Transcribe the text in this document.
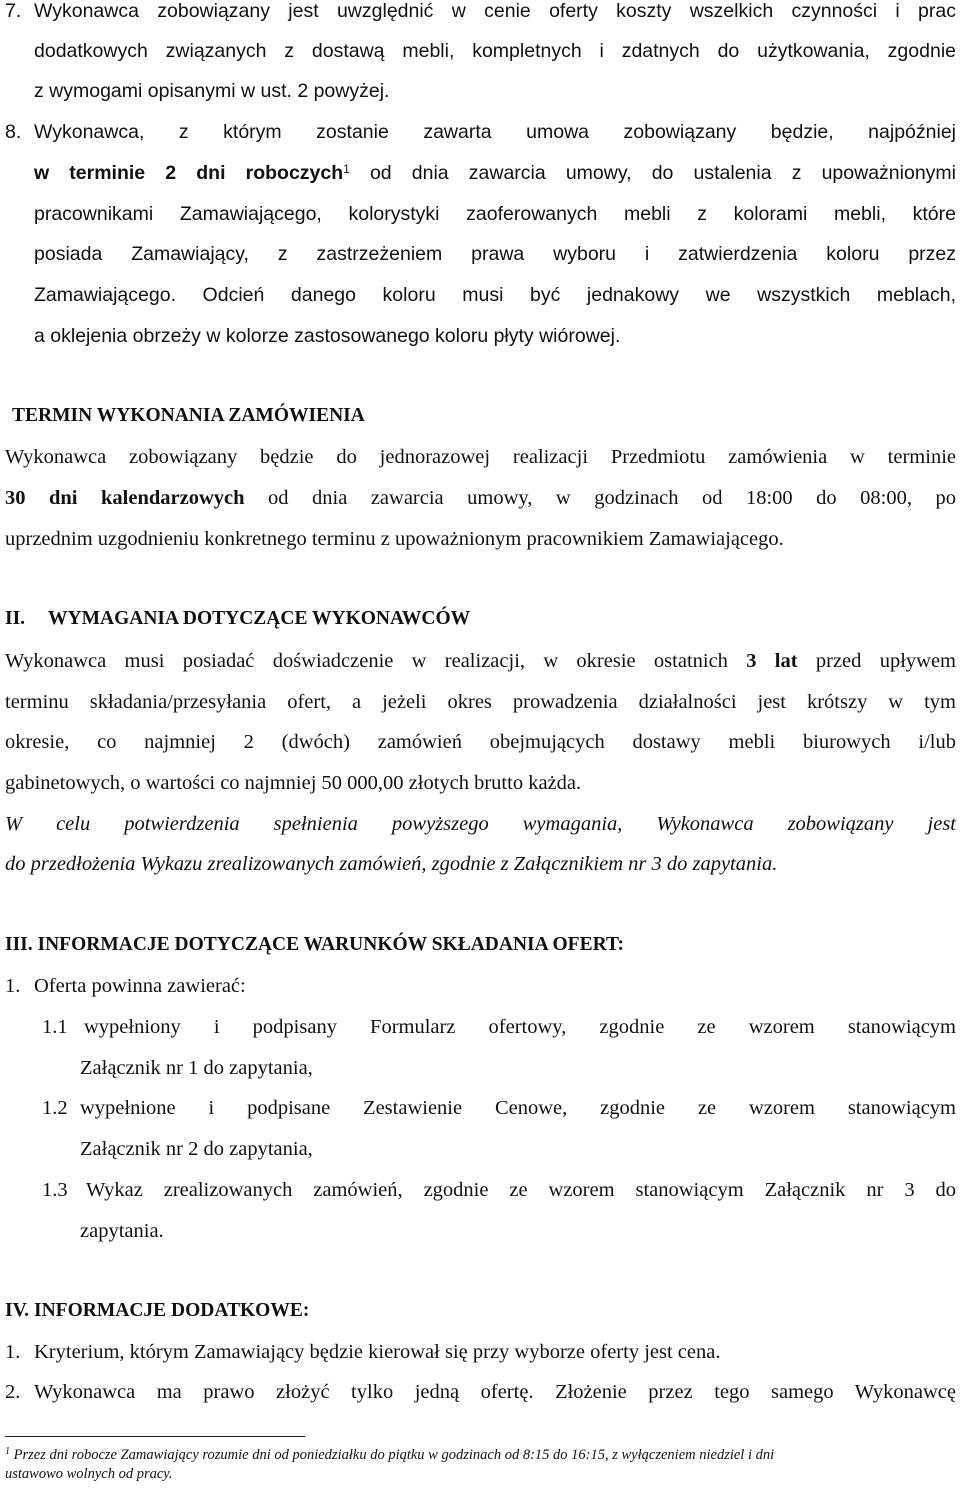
7. Wykonawca zobowiązany jest uwzględnić w cenie oferty koszty wszelkich czynności i prac
dodatkowych związanych z dostawą mebli, kompletnych i zdatnych do użytkowania, zgodnie
z wymogami opisanymi w ust. 2 powyżej.
8. Wykonawca, z którym zostanie zawarta umowa zobowiązany będzie, najpóźniej
w terminie 2 dni roboczych$^1$ od dnia zawarcia umowy, do ustalenia z upoważnionymi
pracownikami Zamawiającego, kolorystyki zaoferowanych mebli z kolorami mebli, które
posiada Zamawiający, z zastrzeżeniem prawa wyboru i zatwierdzenia koloru przez
Zamawiającego. Odcień danego koloru musi być jednakowy we wszystkich meblach,
a oklejenia obrzeży w kolorze zastosowanego koloru płyty wiórowej.
TERMIN WYKONANIA ZAMÓWIENIA
Wykonawca zobowiązany będzie do jednorazowej realizacji Przedmiotu zamówienia w terminie
30 dni kalendarzowych od dnia zawarcia umowy, w godzinach od 18:00 do 08:00, po
uprzednim uzgodnieniu konkretnego terminu z upoważnionym pracownikiem Zamawiającego.
II. WYMAGANIA DOTYCZĄCE WYKONAWCÓW
Wykonawca musi posiadać doświadczenie w realizacji, w okresie ostatnich 3 lat przed upływem
terminu składania/przesyłania ofert, a jeżeli okres prowadzenia działalności jest krótszy w tym
okresie, co najmniej 2 (dwóch) zamówień obejmujących dostawy mebli biurowych i/lub
gabinetowych, o wartości co najmniej 50 000,00 złotych brutto każda.
W celu potwierdzenia spełnienia powyższego wymagania, Wykonawca zobowiązany jest
do przedłożenia Wykazu zrealizowanych zamówień, zgodnie z Załącznikiem nr 3 do zapytania.
III. INFORMACJE DOTYCZĄCE WARUNKÓW SKŁADANIA OFERT:
1. Oferta powinna zawierać:
1.1 wypełniony i podpisany Formularz ofertowy, zgodnie ze wzorem stanowiącym
Załącznik nr 1 do zapytania,
1.2 wypełnione i podpisane Zestawienie Cenowe, zgodnie ze wzorem stanowiącym
Załącznik nr 2 do zapytania,
1.3 Wykaz zrealizowanych zamówień, zgodnie ze wzorem stanowiącym Załącznik nr 3 do
zapytania.
IV. INFORMACJE DODATKOWE:
1. Kryterium, którym Zamawiający będzie kierował się przy wyborze oferty jest cena.
2. Wykonawca ma prawo złożyć tylko jedną ofertę. Złożenie przez tego samego Wykonawcę
$^1$ Przez dni robocze Zamawiający rozumie dni od poniedziałku do piątku w godzinach od 8:15 do 16:15, z wyłączeniem niedziel i dni
ustawowo wolnych od pracy.
